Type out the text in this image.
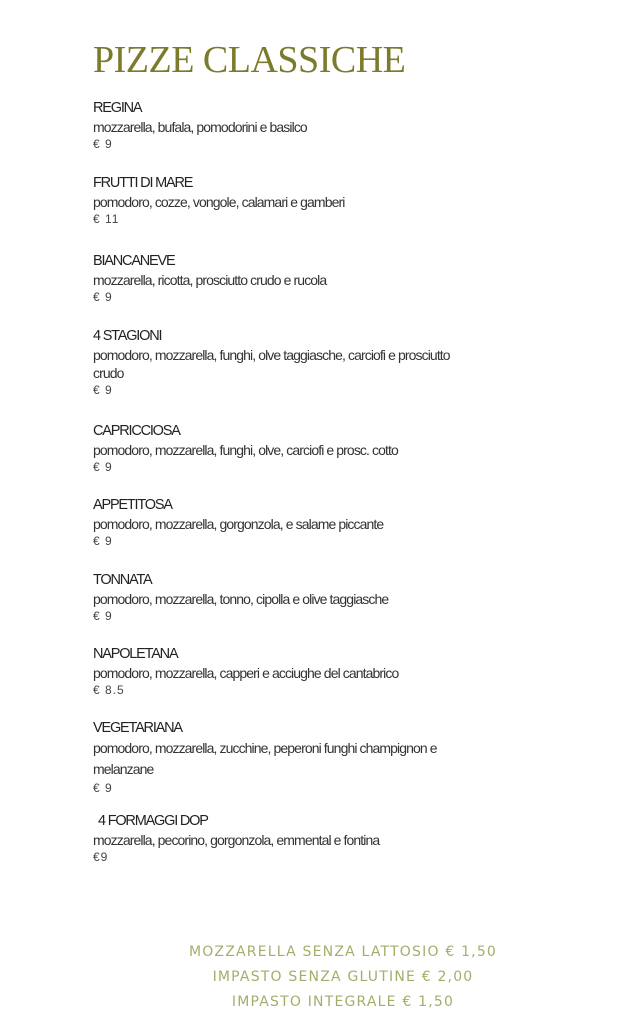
PIZZE CLASSICHE
REGINA
mozzarella, bufala, pomodorini e basilco
€ 9
FRUTTI DI MARE
pomodoro, cozze, vongole, calamari e gamberi
€ 11
BIANCANEVE
mozzarella, ricotta, prosciutto crudo e rucola
€ 9
4 STAGIONI
pomodoro, mozzarella, funghi, olve taggiasche, carciofi e prosciutto crudo
€ 9
CAPRICCIOSA
pomodoro, mozzarella, funghi, olve, carciofi e prosc. cotto
€ 9
APPETITOSA
pomodoro, mozzarella, gorgonzola, e salame piccante
€ 9
TONNATA
pomodoro, mozzarella, tonno, cipolla e olive taggiasche
€ 9
NAPOLETANA
pomodoro, mozzarella, capperi e acciughe del cantabrico
€ 8.5
VEGETARIANA
pomodoro, mozzarella, zucchine, peperoni funghi champignon e melanzane
€ 9
4 FORMAGGI DOP
mozzarella, pecorino, gorgonzola, emmental e fontina
€9
MOZZARELLA SENZA LATTOSIO € 1,50
IMPASTO SENZA GLUTINE € 2,00
IMPASTO INTEGRALE € 1,50
